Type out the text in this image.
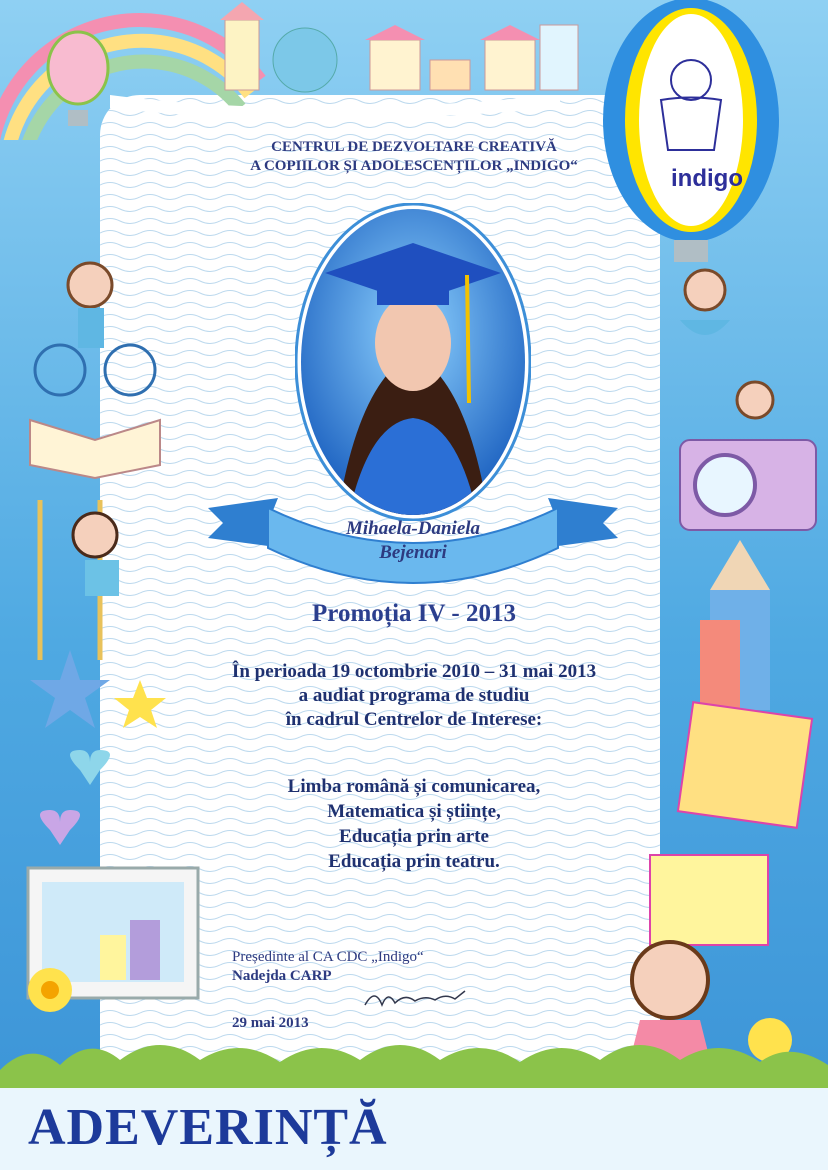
indigo
CENTRUL DE DEZVOLTARE CREATIVĂ
A COPIILOR ȘI ADOLESCENȚILOR „INDIGO“
Mihaela-Daniela
Bejenari
Promoția IV - 2013
În perioada 19 octombrie 2010 – 31 mai 2013
a audiat programa de studiu
în cadrul Centrelor de Interese:
Limba română și comunicarea,
Matematica și științe,
Educația prin arte
Educația prin teatru.
Președinte al CA CDC „Indigo“
Nadejda CARP
29 mai 2013
ADEVERINȚĂ
